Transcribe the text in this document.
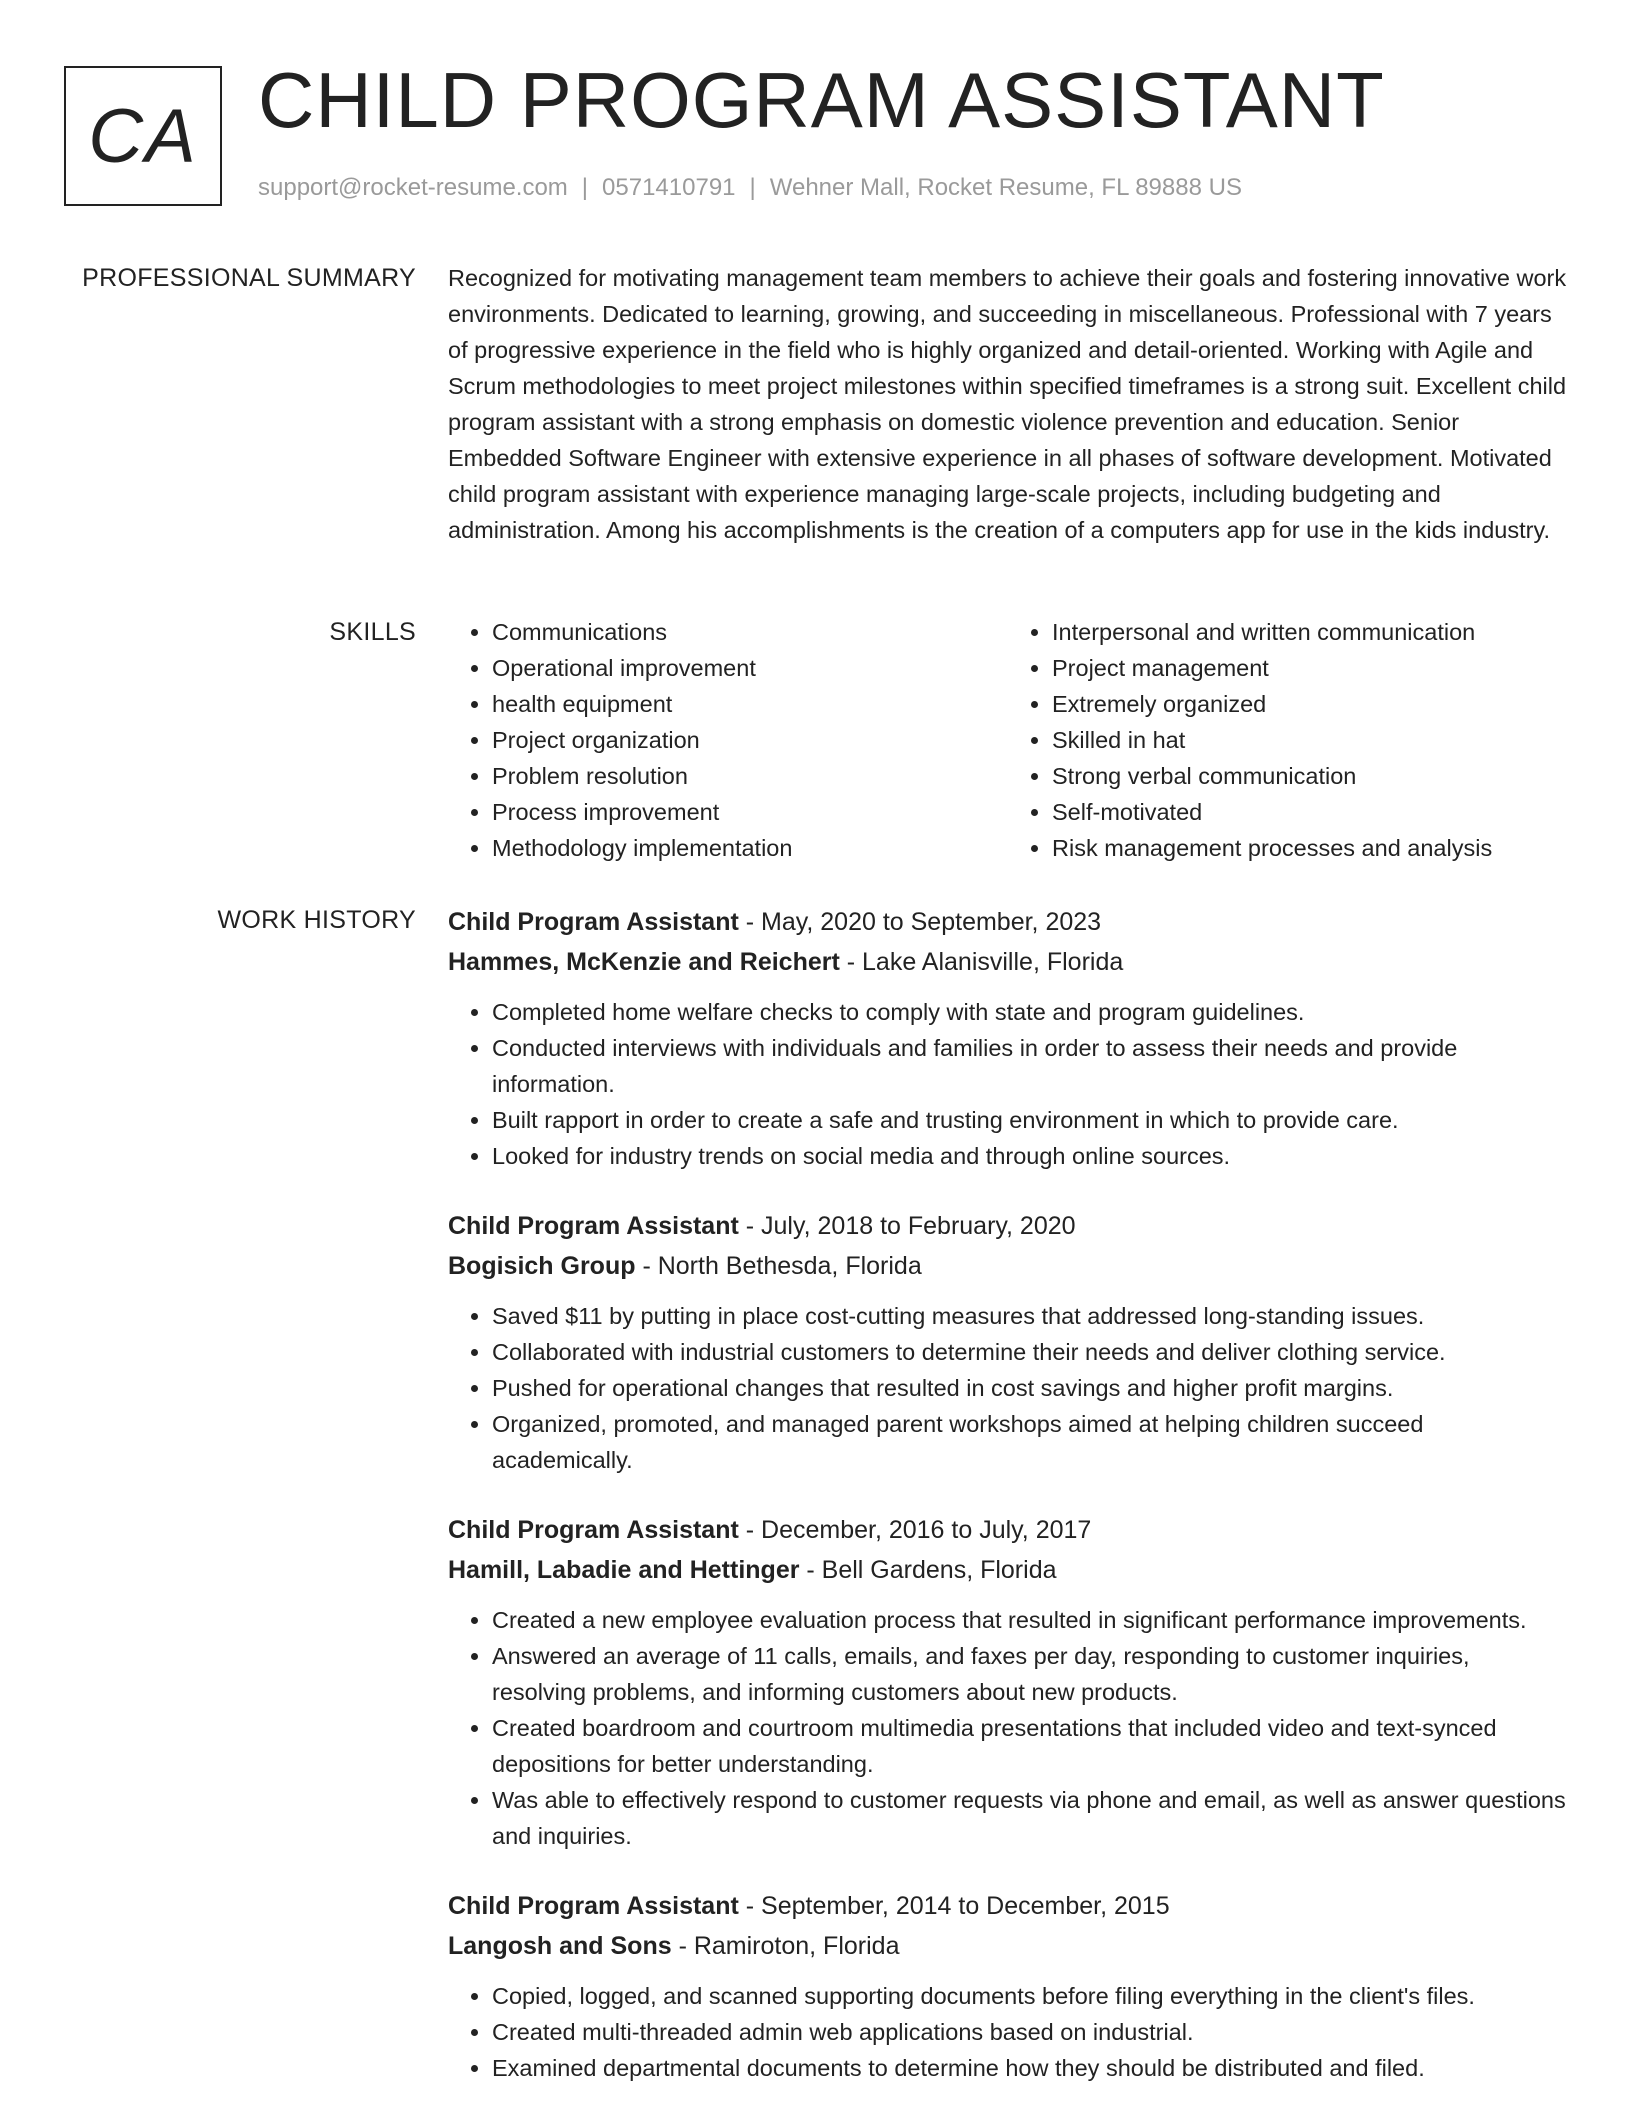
CA CHILD PROGRAM ASSISTANT
support@rocket-resume.com | 0571410791 | Wehner Mall, Rocket Resume, FL 89888 US
PROFESSIONAL SUMMARY Recognized for motivating management team members to achieve their goals and fostering innovative work environments. Dedicated to learning, growing, and succeeding in miscellaneous. Professional with 7 years of progressive experience in the field who is highly organized and detail-oriented. Working with Agile and Scrum methodologies to meet project milestones within specified timeframes is a strong suit. Excellent child program assistant with a strong emphasis on domestic violence prevention and education. Senior Embedded Software Engineer with extensive experience in all phases of software development. Motivated child program assistant with experience managing large-scale projects, including budgeting and administration. Among his accomplishments is the creation of a computers app for use in the kids industry.
SKILLS
•	Communications
• Operational improvement
• health equipment
• Project organization
• Problem resolution
• Process improvement
• Methodology implementation
• Interpersonal and written communication
• Project management
• Extremely organized
• Skilled in hat
• Strong verbal communication
• Self-motivated
• Risk management processes and analysis
WORK HISTORY Child Program Assistant - May, 2020 to September, 2023
Hammes, McKenzie and Reichert - Lake Alanisville, Florida
• Completed home welfare checks to comply with state and program guidelines.
• Conducted interviews with individuals and families in order to assess their needs and provide information.
• Built rapport in order to create a safe and trusting environment in which to provide care.
• Looked for industry trends on social media and through online sources.
Child Program Assistant - July, 2018 to February, 2020
Bogisich Group - North Bethesda, Florida
• Saved $11 by putting in place cost-cutting measures that addressed long-standing issues.
• Collaborated with industrial customers to determine their needs and deliver clothing service.
• Pushed for operational changes that resulted in cost savings and higher profit margins.
• Organized, promoted, and managed parent workshops aimed at helping children succeed academically.
Child Program Assistant - December, 2016 to July, 2017
Hamill, Labadie and Hettinger - Bell Gardens, Florida
• Created a new employee evaluation process that resulted in significant performance improvements.
• Answered an average of 11 calls, emails, and faxes per day, responding to customer inquiries, resolving problems, and informing customers about new products.
• Created boardroom and courtroom multimedia presentations that included video and text-synced depositions for better understanding.
• Was able to effectively respond to customer requests via phone and email, as well as answer questions and inquiries.
Child Program Assistant - September, 2014 to December, 2015
Langosh and Sons - Ramiroton, Florida
• Copied, logged, and scanned supporting documents before filing everything in the client's files.
• Created multi-threaded admin web applications based on industrial.
• Examined departmental documents to determine how they should be distributed and filed.
